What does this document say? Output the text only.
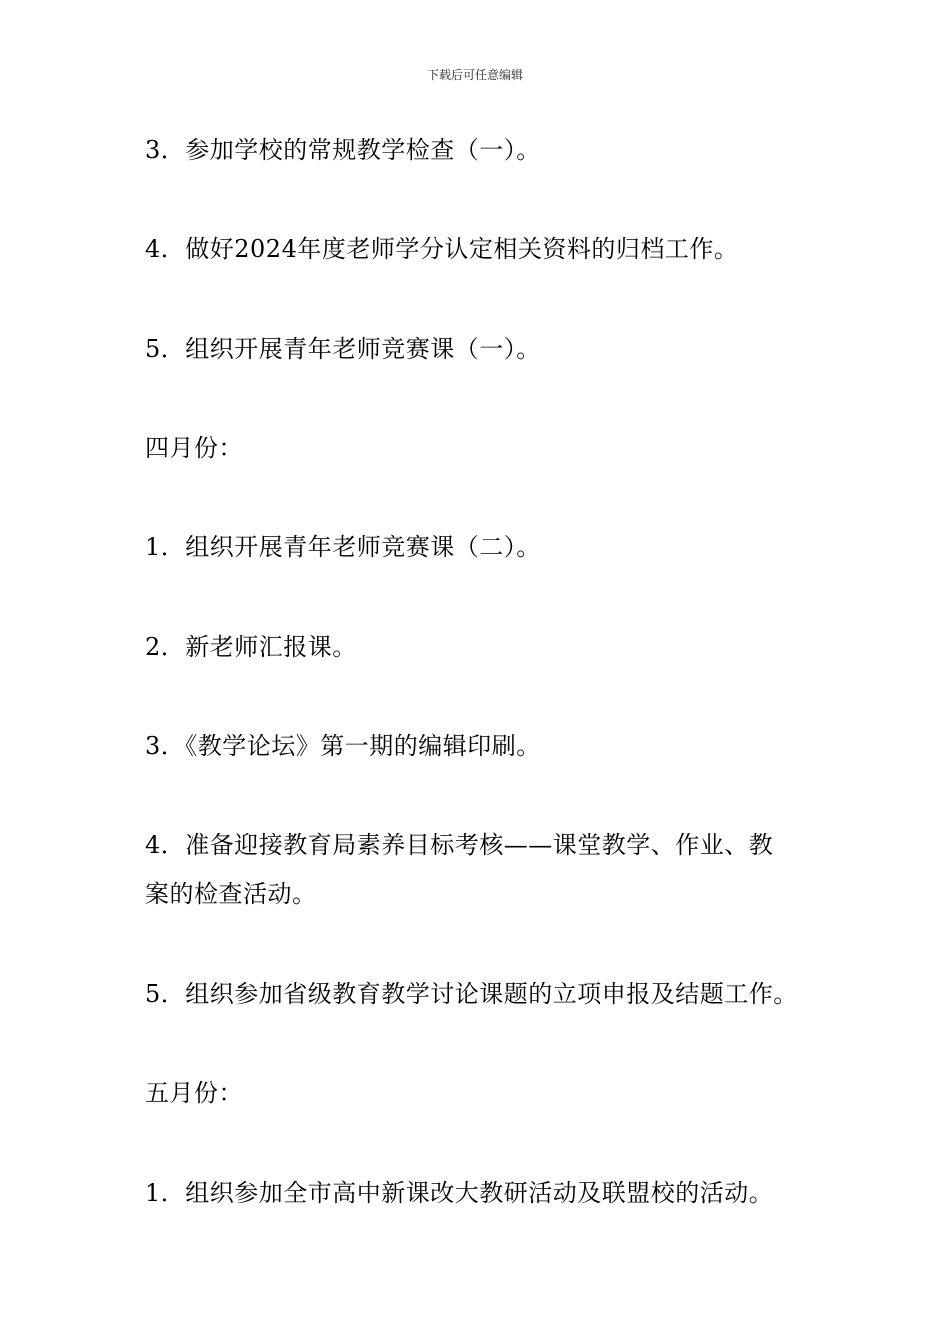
下载后可任意编辑
3．参加学校的常规教学检查（一）。
4．做好2024年度老师学分认定相关资料的归档工作。
5．组织开展青年老师竞赛课（一）。
四月份：
1．组织开展青年老师竞赛课（二）。
2．新老师汇报课。
3．《教学论坛》第一期的编辑印刷。
4．准备迎接教育局素养目标考核——课堂教学、作业、教
案的检查活动。
5．组织参加省级教育教学讨论课题的立项申报及结题工作。
五月份：
1．组织参加全市高中新课改大教研活动及联盟校的活动。
